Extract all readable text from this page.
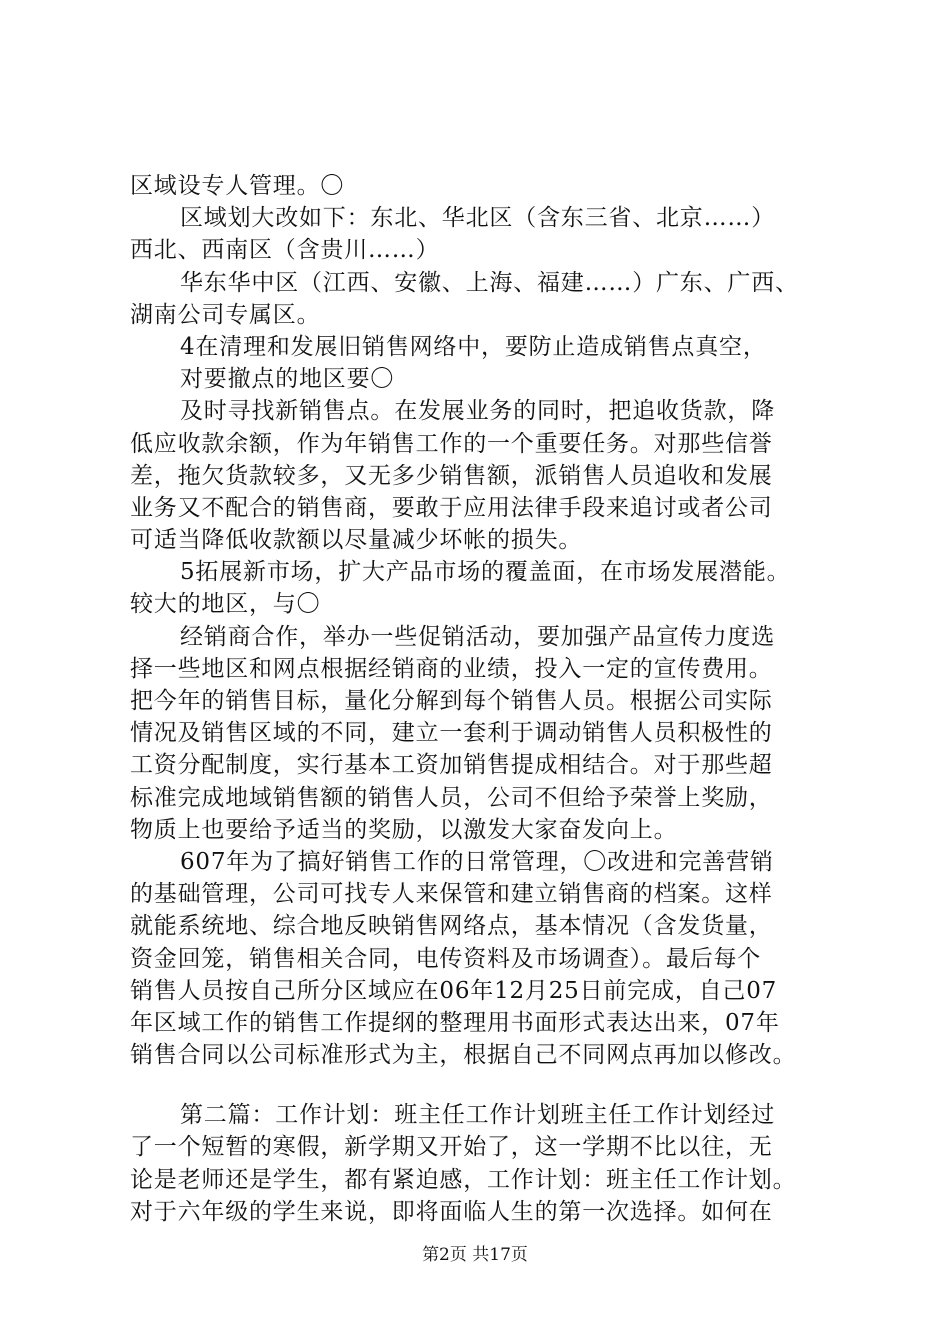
区域设专人管理。〇
区域划大改如下：东北、华北区（含东三省、北京……）
西北、西南区（含贵川……）
华东华中区（江西、安徽、上海、福建……）广东、广西、
湖南公司专属区。
4在清理和发展旧销售网络中，要防止造成销售点真空，
对要撤点的地区要〇
及时寻找新销售点。在发展业务的同时，把追收货款，降
低应收款余额，作为年销售工作的一个重要任务。对那些信誉
差，拖欠货款较多，又无多少销售额，派销售人员追收和发展
业务又不配合的销售商，要敢于应用法律手段来追讨或者公司
可适当降低收款额以尽量减少坏帐的损失。
5拓展新市场，扩大产品市场的覆盖面，在市场发展潜能。
较大的地区，与〇
经销商合作，举办一些促销活动，要加强产品宣传力度选
择一些地区和网点根据经销商的业绩，投入一定的宣传费用。
把今年的销售目标，量化分解到每个销售人员。根据公司实际
情况及销售区域的不同，建立一套利于调动销售人员积极性的
工资分配制度，实行基本工资加销售提成相结合。对于那些超
标准完成地域销售额的销售人员，公司不但给予荣誉上奖励，
物质上也要给予适当的奖励，以激发大家奋发向上。
607年为了搞好销售工作的日常管理，〇改进和完善营销
的基础管理，公司可找专人来保管和建立销售商的档案。这样
就能系统地、综合地反映销售网络点，基本情况（含发货量，
资金回笼，销售相关合同，电传资料及市场调查）。最后每个
销售人员按自己所分区域应在06年12月25日前完成，自己07
年区域工作的销售工作提纲的整理用书面形式表达出来，07年
销售合同以公司标准形式为主，根据自己不同网点再加以修改。
第二篇：工作计划：班主任工作计划班主任工作计划经过
了一个短暂的寒假，新学期又开始了，这一学期不比以往，无
论是老师还是学生，都有紧迫感，工作计划：班主任工作计划。
对于六年级的学生来说，即将面临人生的第一次选择。如何在
第2页 共17页
